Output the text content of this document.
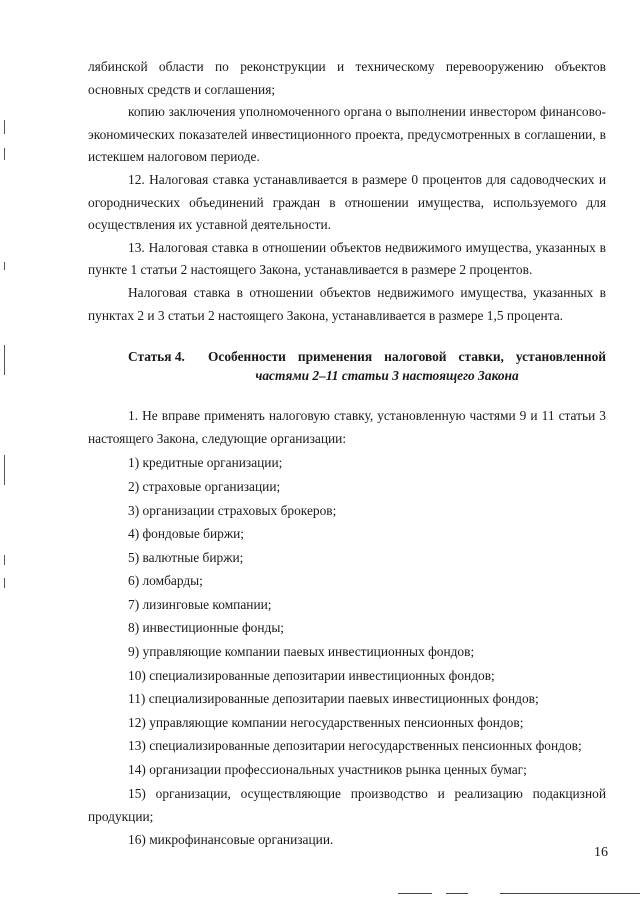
лябинской области по реконструкции и техническому перевооружению объектов основных средств и соглашения;

копию заключения уполномоченного органа о выполнении инвестором финансово-экономических показателей инвестиционного проекта, предусмотренных в соглашении, в истекшем налоговом периоде.

12. Налоговая ставка устанавливается в размере 0 процентов для садоводческих и огороднических объединений граждан в отношении имущества, используемого для осуществления их уставной деятельности.

13. Налоговая ставка в отношении объектов недвижимого имущества, указанных в пункте 1 статьи 2 настоящего Закона, устанавливается в размере 2 процентов.

Налоговая ставка в отношении объектов недвижимого имущества, указанных в пунктах 2 и 3 статьи 2 настоящего Закона, устанавливается в размере 1,5 процента.

Статья 4.	Особенности применения налоговой ставки, установленной
частями 2–11 статьи 3 настоящего Закона

1. Не вправе применять налоговую ставку, установленную частями 9 и 11 статьи 3 настоящего Закона, следующие организации:

1) кредитные организации;

2) страховые организации;

3) организации страховых брокеров;

4) фондовые биржи;

5) валютные биржи;

6) ломбарды;

7) лизинговые компании;

8) инвестиционные фонды;

9) управляющие компании паевых инвестиционных фондов;

10) специализированные депозитарии инвестиционных фондов;

11) специализированные депозитарии паевых инвестиционных фондов;

12) управляющие компании негосударственных пенсионных фондов;

13) специализированные депозитарии негосударственных пенсионных фондов;

14) организации профессиональных участников рынка ценных бумаг;

15) организации, осуществляющие производство и реализацию подакцизной продукции;

16) микрофинансовые организации.

16
